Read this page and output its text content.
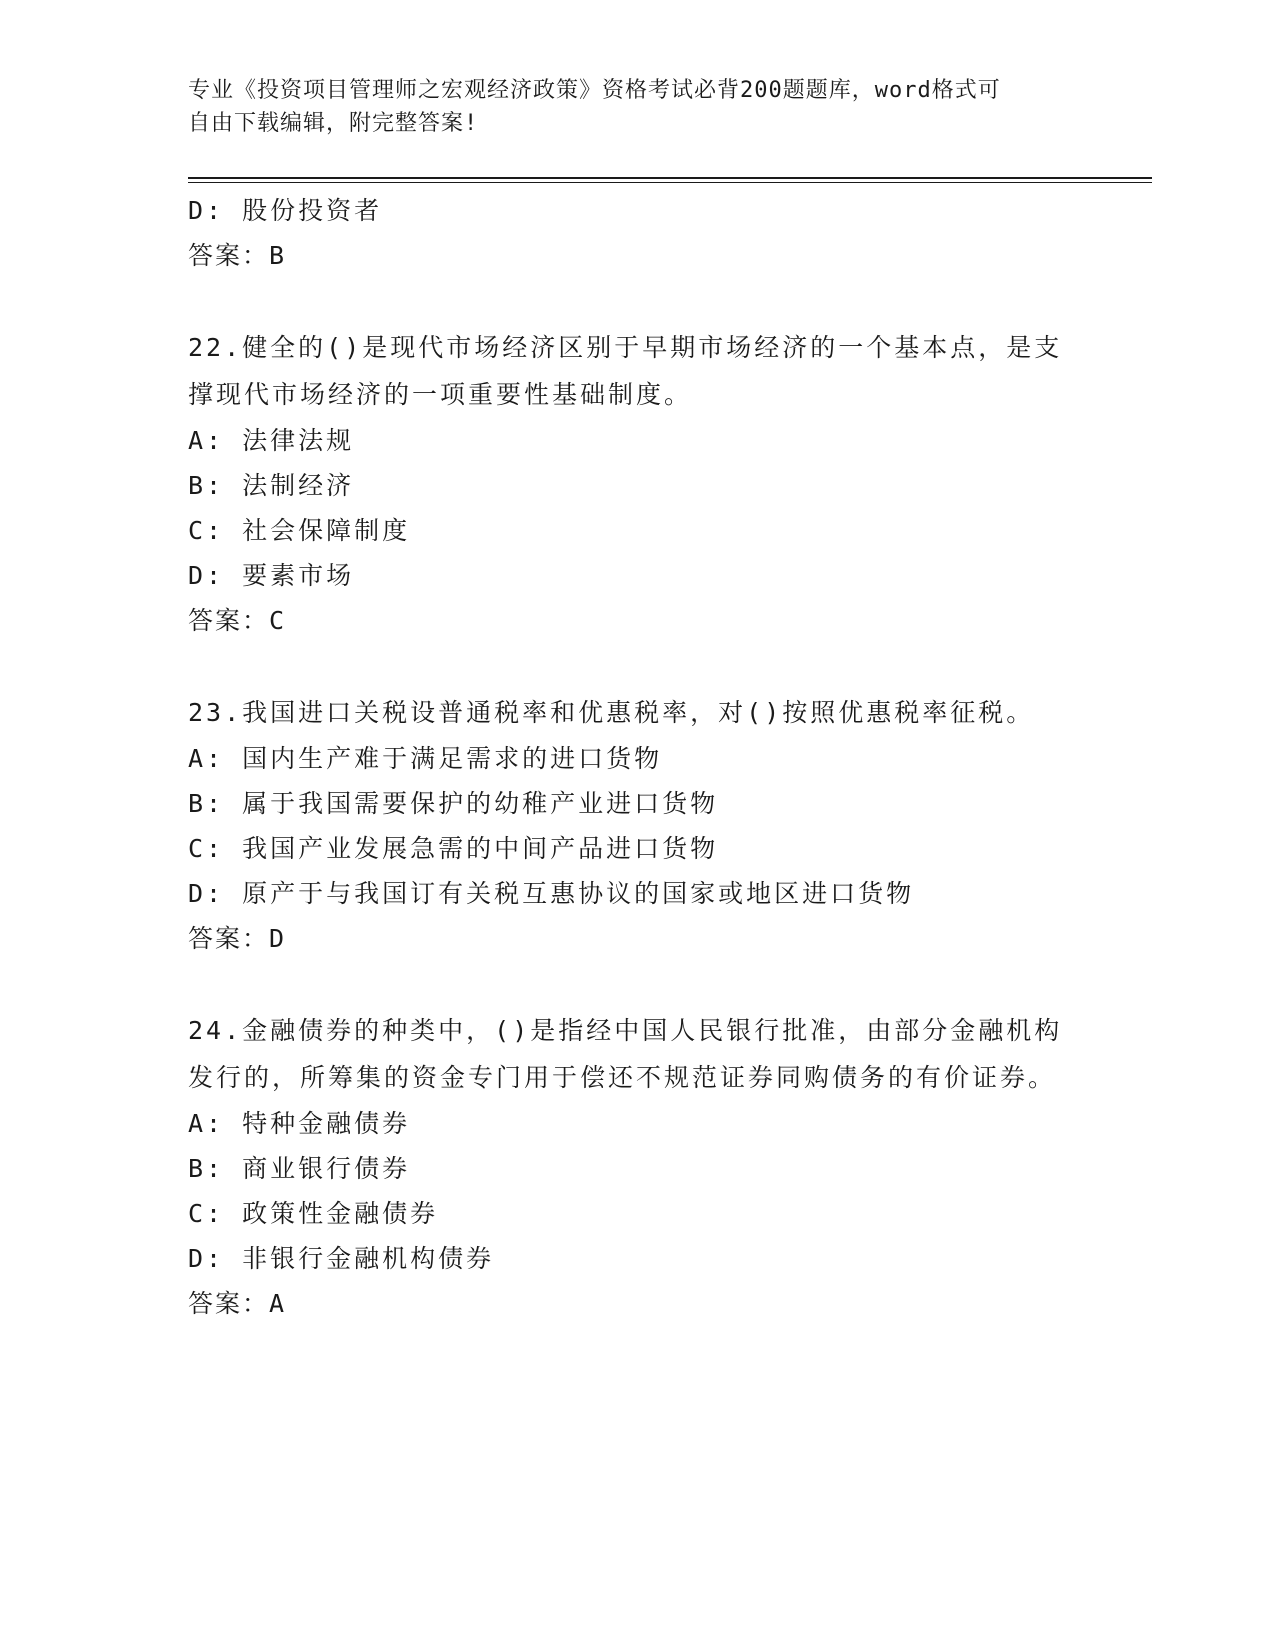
专业《投资项目管理师之宏观经济政策》资格考试必背200题题库，word格式可
自由下载编辑，附完整答案!
D: 股份投资者
答案：B
22.健全的()是现代市场经济区别于早期市场经济的一个基本点，是支撑现代市场经济的一项重要性基础制度。
A: 法律法规
B: 法制经济
C: 社会保障制度
D: 要素市场
答案：C
23.我国进口关税设普通税率和优惠税率，对()按照优惠税率征税。
A: 国内生产难于满足需求的进口货物
B: 属于我国需要保护的幼稚产业进口货物
C: 我国产业发展急需的中间产品进口货物
D: 原产于与我国订有关税互惠协议的国家或地区进口货物
答案：D
24.金融债券的种类中，()是指经中国人民银行批准，由部分金融机构发行的，所筹集的资金专门用于偿还不规范证券同购债务的有价证券。
A: 特种金融债券
B: 商业银行债券
C: 政策性金融债券
D: 非银行金融机构债券
答案：A
